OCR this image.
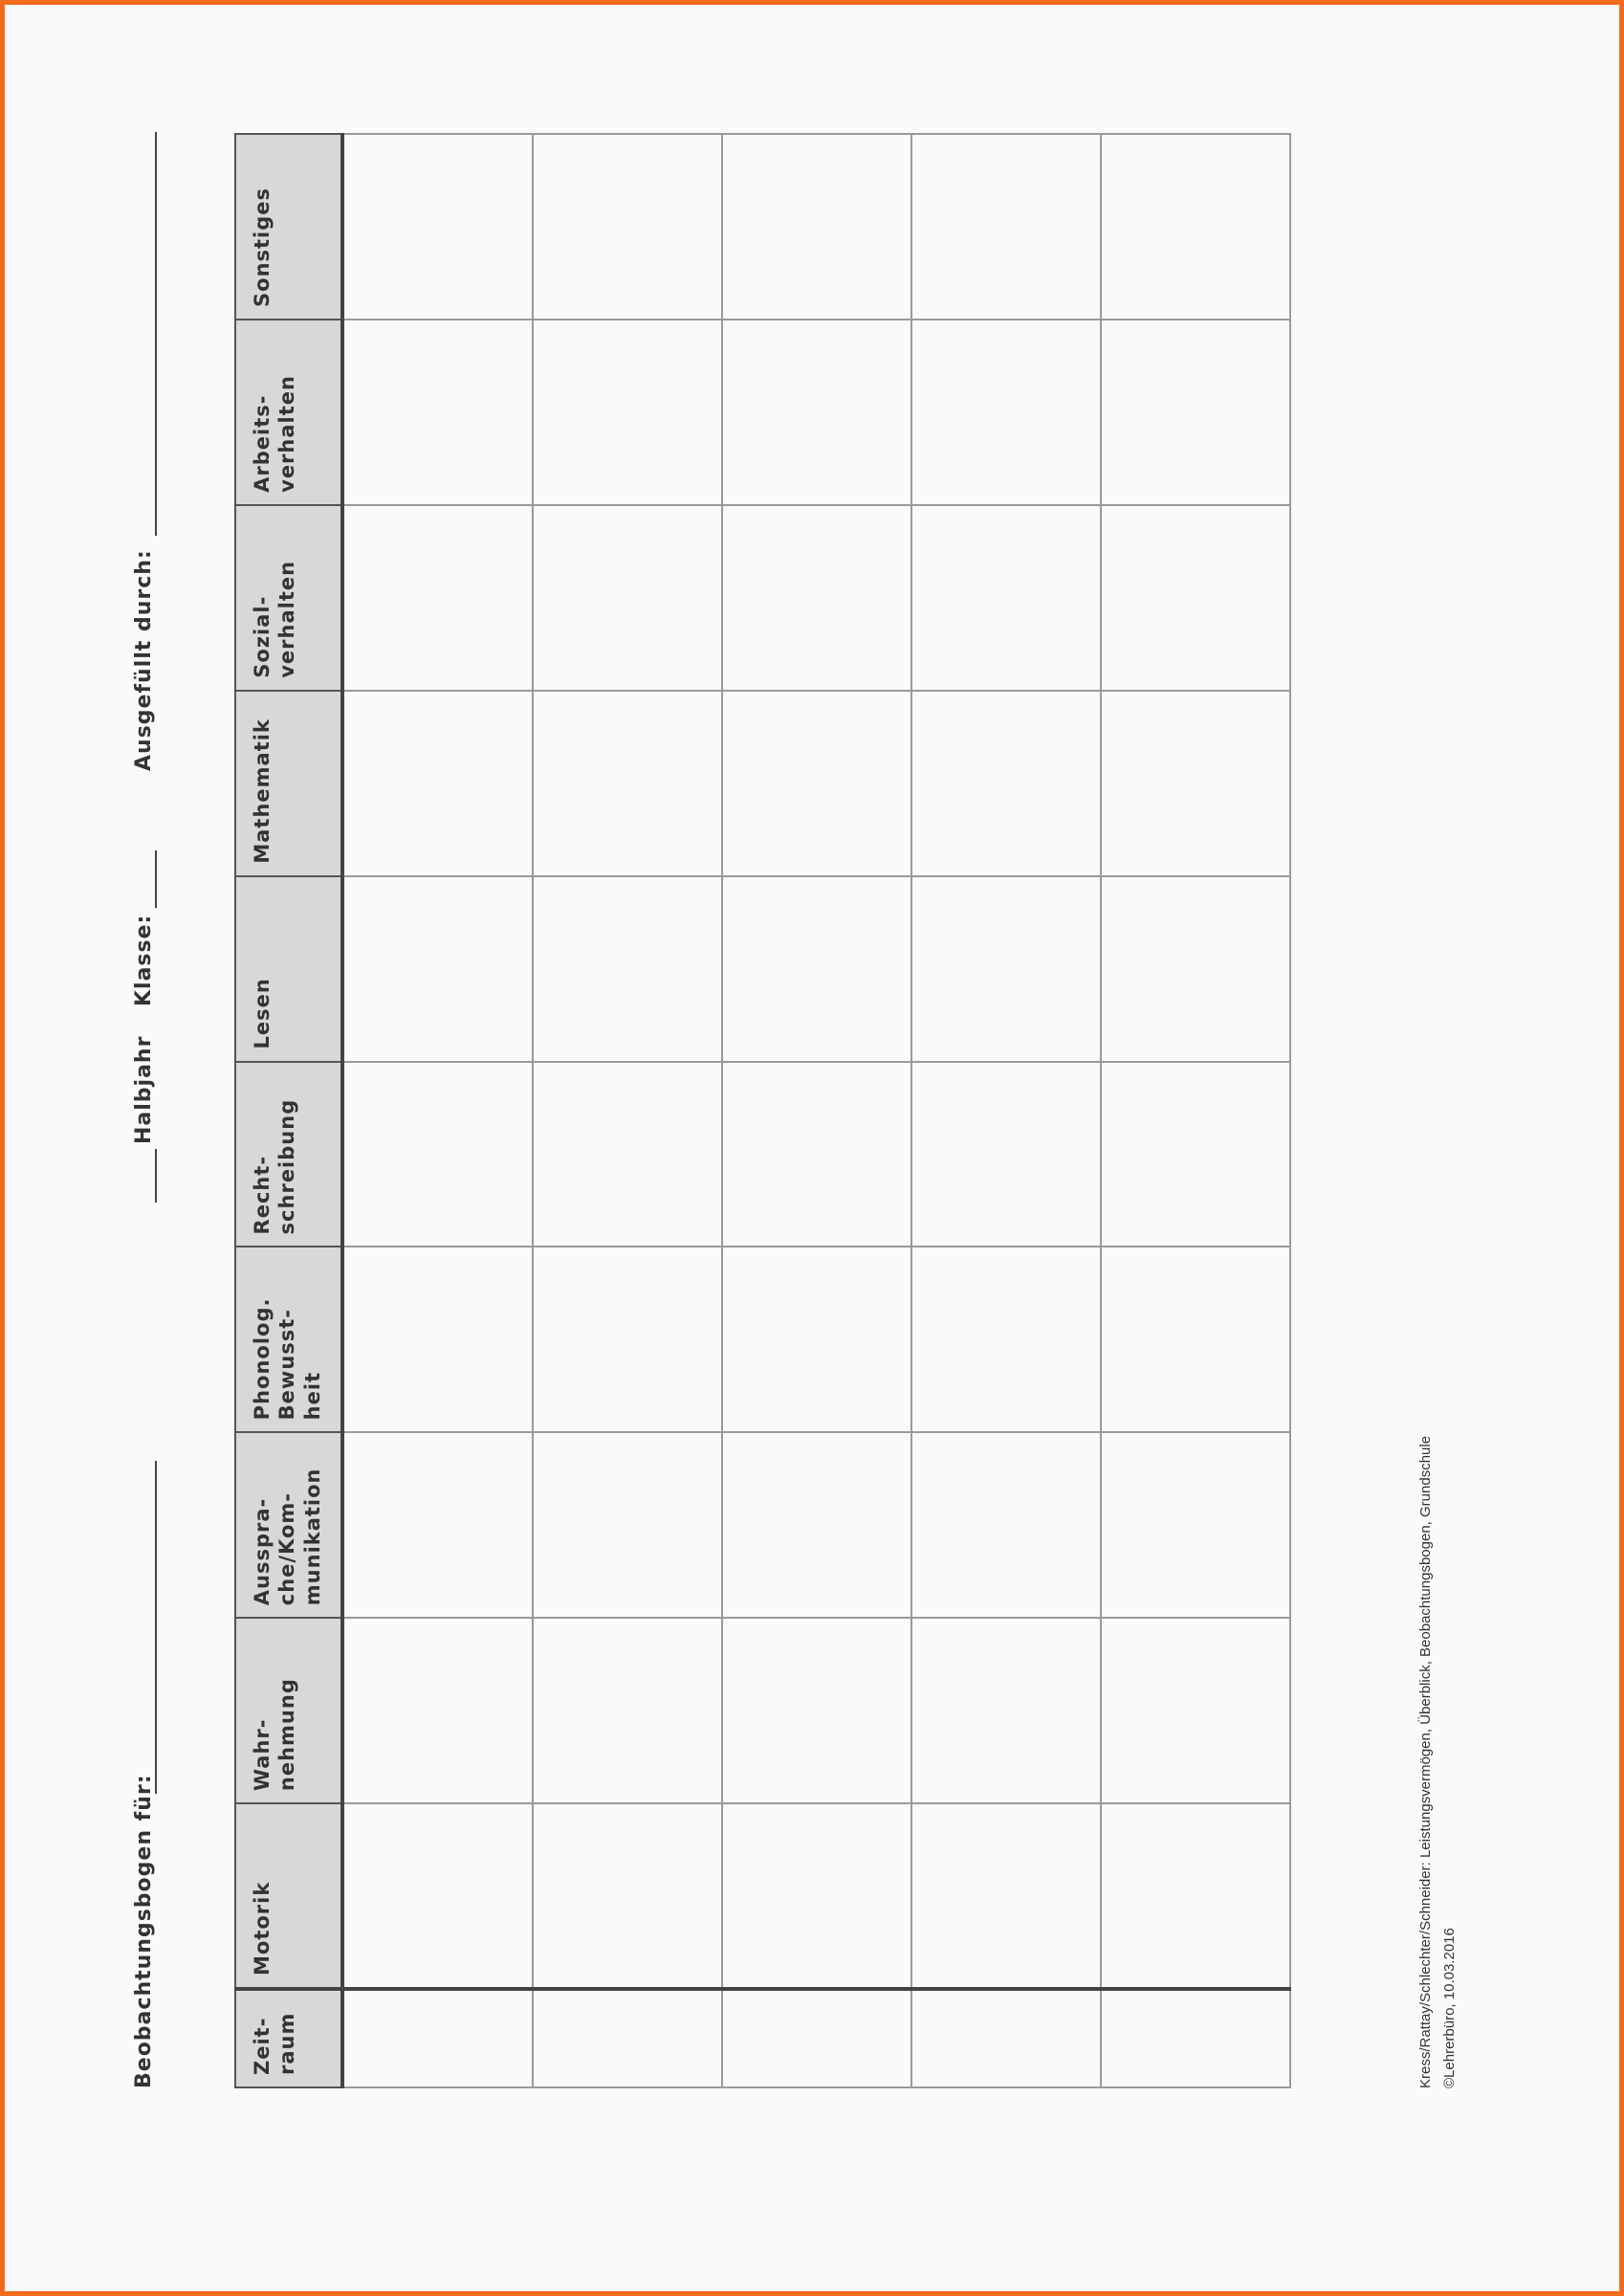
Beobachtungsbogen für:
Halbjahr
Klasse:
Ausgefüllt durch:
Zeit-
raum	Motorik	Wahr-
nehmung	Ausspra-
che/Kom-
munikation	Phonolog.
Bewusst-
heit	Recht-
schreibung	Lesen	Mathematik	Sozial-
verhalten	Arbeits-
verhalten	Sonstiges

Kress/Rattay/Schlechter/Schneider: Leistungsvermögen, Überblick, Beobachtungsbogen, Grundschule ©Lehrerbüro, 10.03.2016
